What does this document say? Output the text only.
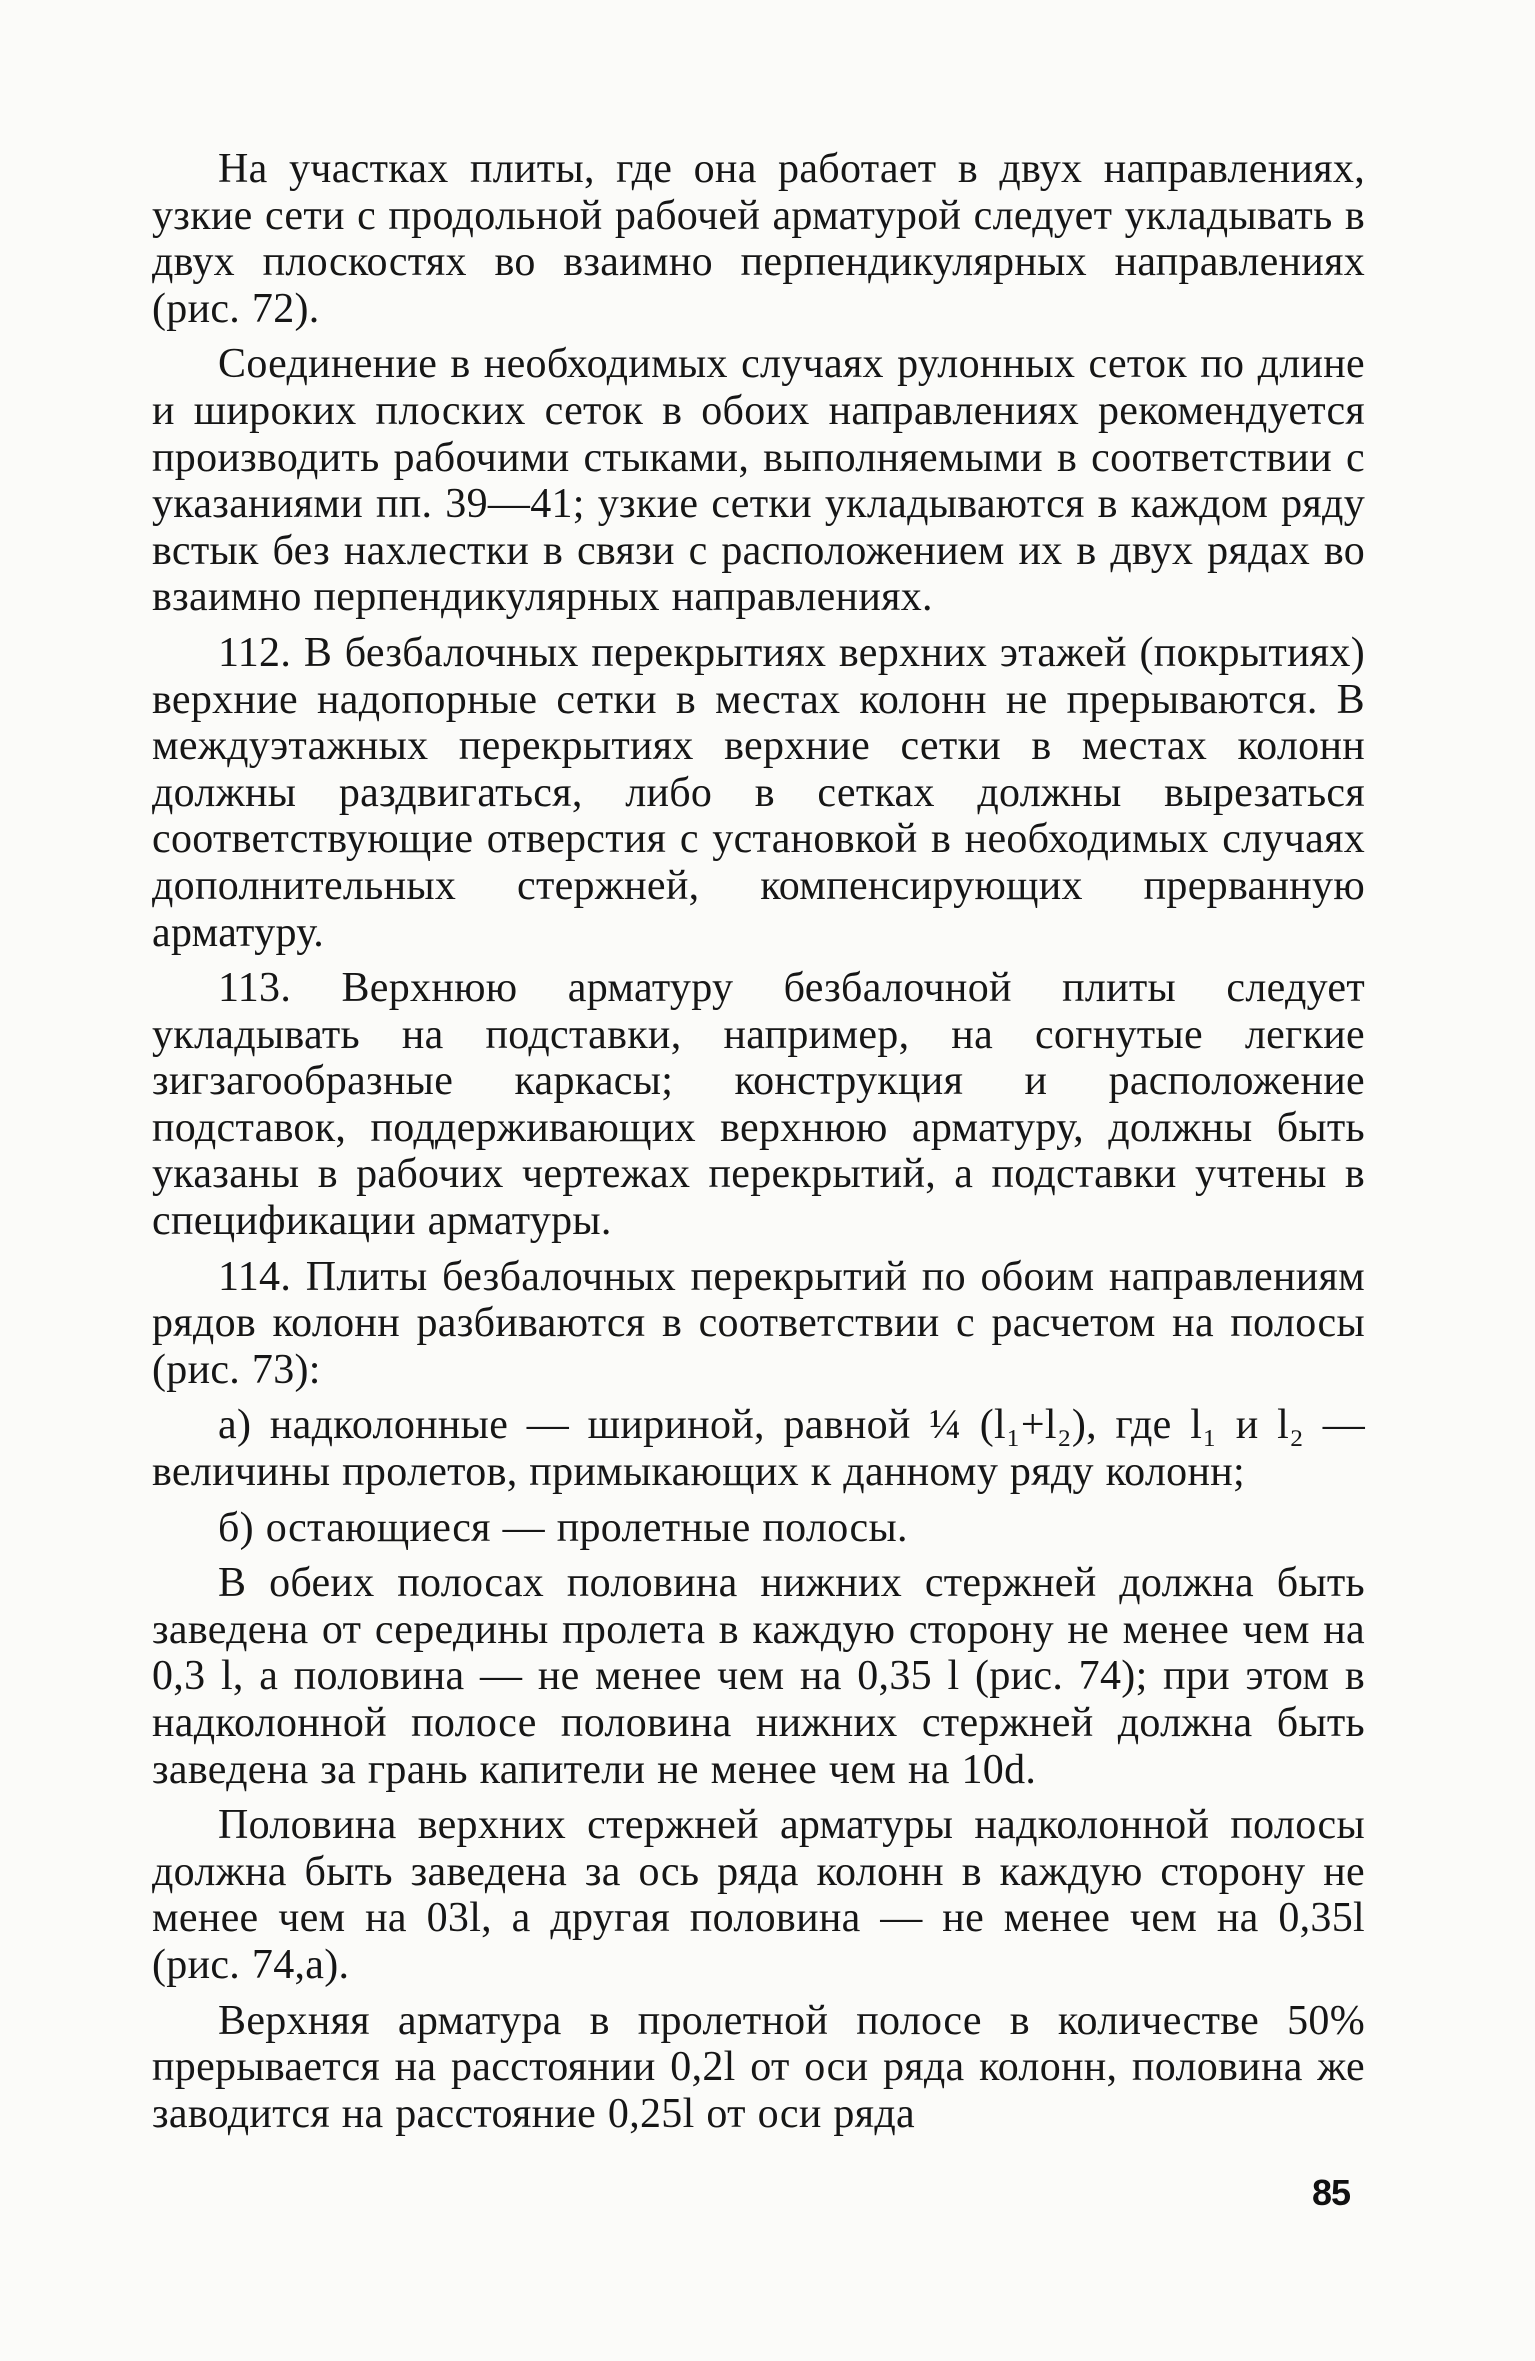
На участках плиты, где она работает в двух направлениях, узкие сети с продольной рабочей арматурой следует укладывать в двух плоскостях во взаимно перпендикулярных направлениях (рис. 72).

Соединение в необходимых случаях рулонных сеток по длине и широких плоских сеток в обоих направлениях рекомендуется производить рабочими стыками, выполняемыми в соответствии с указаниями пп. 39—41; узкие сетки укладываются в каждом ряду встык без нахлестки в связи с расположением их в двух рядах во взаимно перпендикулярных направлениях.

112. В безбалочных перекрытиях верхних этажей (покрытиях) верхние надопорные сетки в местах колонн не прерываются. В междуэтажных перекрытиях верхние сетки в местах колонн должны раздвигаться, либо в сетках должны вырезаться соответствующие отверстия с установкой в необходимых случаях дополнительных стержней, компенсирующих прерванную арматуру.

113. Верхнюю арматуру безбалочной плиты следует укладывать на подставки, например, на согнутые легкие зигзагообразные каркасы; конструкция и расположение подставок, поддерживающих верхнюю арматуру, должны быть указаны в рабочих чертежах перекрытий, а подставки учтены в спецификации арматуры.

114. Плиты безбалочных перекрытий по обоим направлениям рядов колонн разбиваются в соответствии с расчетом на полосы (рис. 73):

а) надколонные — шириной, равной ¼ (l₁+l₂), где l₁ и l₂ — величины пролетов, примыкающих к данному ряду колонн;

б) остающиеся — пролетные полосы.

В обеих полосах половина нижних стержней должна быть заведена от середины пролета в каждую сторону не менее чем на 0,3 l, а половина — не менее чем на 0,35 l (рис. 74); при этом в надколонной полосе половина нижних стержней должна быть заведена за грань капители не менее чем на 10d.

Половина верхних стержней арматуры надколонной полосы должна быть заведена за ось ряда колонн в каждую сторону не менее чем на 03l, а другая половина — не менее чем на 0,35l (рис. 74,а).

Верхняя арматура в пролетной полосе в количестве 50% прерывается на расстоянии 0,2l от оси ряда колонн, половина же заводится на расстояние 0,25l от оси ряда

85
